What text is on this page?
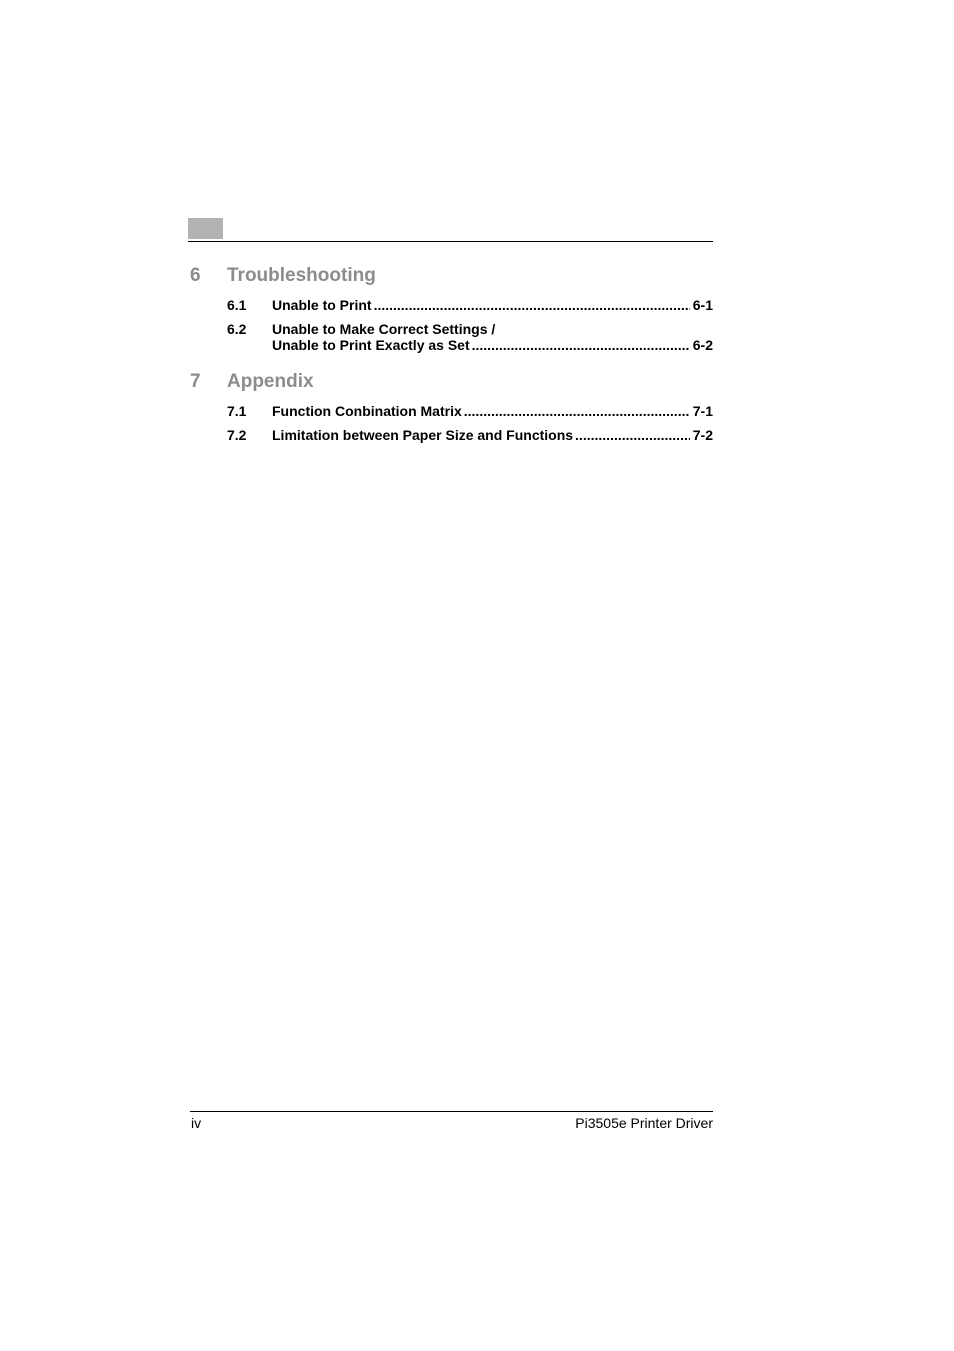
6 Troubleshooting
6.1 Unable to Print .....	6-1
6.2 Unable to Make Correct Settings /
Unable to Print Exactly as Set .....	6-2
7 Appendix
7.1 Function Conbination Matrix .....	7-1
7.2 Limitation between Paper Size and Functions .....	7-2
iv	Pi3505e Printer Driver
